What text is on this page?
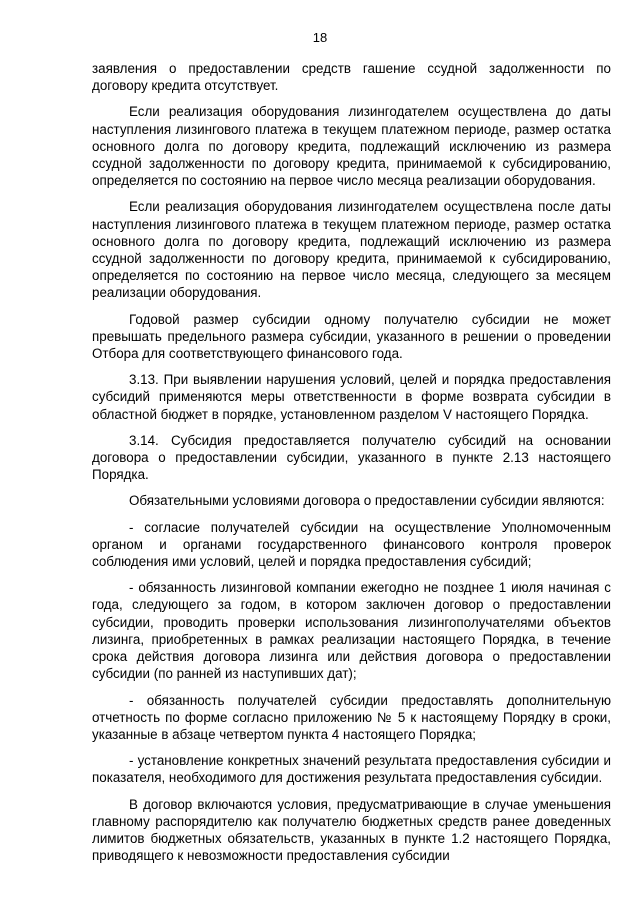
18

заявления о предоставлении средств гашение ссудной задолженности по договору кредита отсутствует.

Если реализация оборудования лизингодателем осуществлена до даты наступления лизингового платежа в текущем платежном периоде, размер остатка основного долга по договору кредита, подлежащий исключению из размера ссудной задолженности по договору кредита, принимаемой к субсидированию, определяется по состоянию на первое число месяца реализации оборудования.

Если реализация оборудования лизингодателем осуществлена после даты наступления лизингового платежа в текущем платежном периоде, размер остатка основного долга по договору кредита, подлежащий исключению из размера ссудной задолженности по договору кредита, принимаемой к субсидированию, определяется по состоянию на первое число месяца, следующего за месяцем реализации оборудования.

Годовой размер субсидии одному получателю субсидии не может превышать предельного размера субсидии, указанного в решении о проведении Отбора для соответствующего финансового года.

3.13. При выявлении нарушения условий, целей и порядка предоставления субсидий применяются меры ответственности в форме возврата субсидии в областной бюджет в порядке, установленном разделом V настоящего Порядка.

3.14. Субсидия предоставляется получателю субсидий на основании договора о предоставлении субсидии, указанного в пункте 2.13 настоящего Порядка.

Обязательными условиями договора о предоставлении субсидии являются:

- согласие получателей субсидии на осуществление Уполномоченным органом и органами государственного финансового контроля проверок соблюдения ими условий, целей и порядка предоставления субсидий;

- обязанность лизинговой компании ежегодно не позднее 1 июля начиная с года, следующего за годом, в котором заключен договор о предоставлении субсидии, проводить проверки использования лизингополучателями объектов лизинга, приобретенных в рамках реализации настоящего Порядка, в течение срока действия договора лизинга или действия договора о предоставлении субсидии (по ранней из наступивших дат);

- обязанность получателей субсидии предоставлять дополнительную отчетность по форме согласно приложению № 5 к настоящему Порядку в сроки, указанные в абзаце четвертом пункта 4 настоящего Порядка;

- установление конкретных значений результата предоставления субсидии и показателя, необходимого для достижения результата предоставления субсидии.

В договор включаются условия, предусматривающие в случае уменьшения главному распорядителю как получателю бюджетных средств ранее доведенных лимитов бюджетных обязательств, указанных в пункте 1.2 настоящего Порядка, приводящего к невозможности предоставления субсидии
